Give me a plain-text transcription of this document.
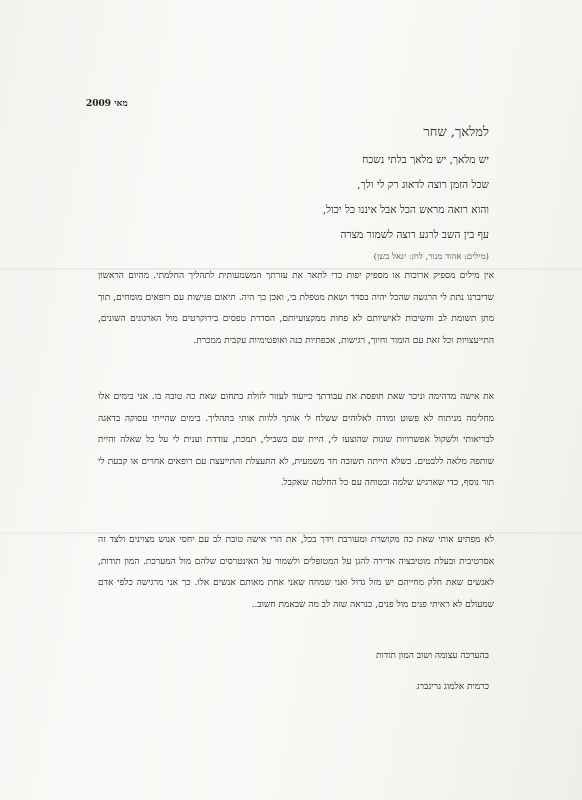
מאי 2009
למלאך, שחר
יש מלאך, יש מלאך בלתי נשכח
שכל הזמן רוצה לדאוג רק לי ולך,
והוא רואה מראש הכל אבל איננו כל יכול,
עף בין השב לרגע רוצה לשמור מצרה
(מילים: אהוד מנור, לחן: יגאל בשן)

אין מילים מספיק ארוכות או מספיק יפות כדי לתאר את עזרתך המשמעותית לתהליך החלמתי. מהיום הראשון שדיברנו נתת לי הרגשה שהכל יהיה בסדר ושאת מטפלת בי, ואכן כך היה. תיאום פגישות עם רופאים מומחים, תוך מתן תשומת לב וחשיבות לאישיותם לא פחות ממקצועיותם, הסדרת טפסים בירוקרטים מול הארגונים השונים, התייעצויות וכל זאת עם הומור וחיוך, רגישות, אכפתיות כנה ואופטימיות עקבית ממכרת.

את אישה מדהימה וניכר שאת תופסת את עבודתך כייעוד לעזור לזולת בתחום שאת כה טובה בו. אני בימים אלו מחלימה מניתוח לא פשוט ומודה לאלוהים ששלח לי אותך ללוות אותי בתהליך. בימים שהייתי עסוקה בדאגה לבריאותי ולשקול אפשרויות שונות שהוצעו לי, היית שם בשבילי, תמכת, עודדת וענית לי על כל שאלה והיית שותפה מלאה ללבטים. כשלא הייתה תשובה חד משמעית, לא התעצלת והתייעצת עם רופאים אחרים או קבעת לי תור נוסף, כדי שארגיש שלמה ובטוחה עם כל החלטה שאקבל.

לא מפתיע אותי שאת כה מקושרת ומעורבת וידך בכל, את הרי אישה טובת לב עם יחסי אנוש מצוינים ולצד זה אסרטיבית ובעלת מוטיבציה אדירה להגן על המטופלים ולשמור על האינטרסים שלהם מול המערכת. המון תודות, לאנשים שאת חלק מחייהם יש מזל גדול ואני שמחה שאני אחת מאותם אנשים אלו. כך אני מרגישה כלפי אדם שמעולם לא ראיתי פנים מול פנים, כנראה שזה לב מה שבאמת חשוב..

בהערכה עצומה ושוב המון תודות
כרמית אלמוג גרינברג
